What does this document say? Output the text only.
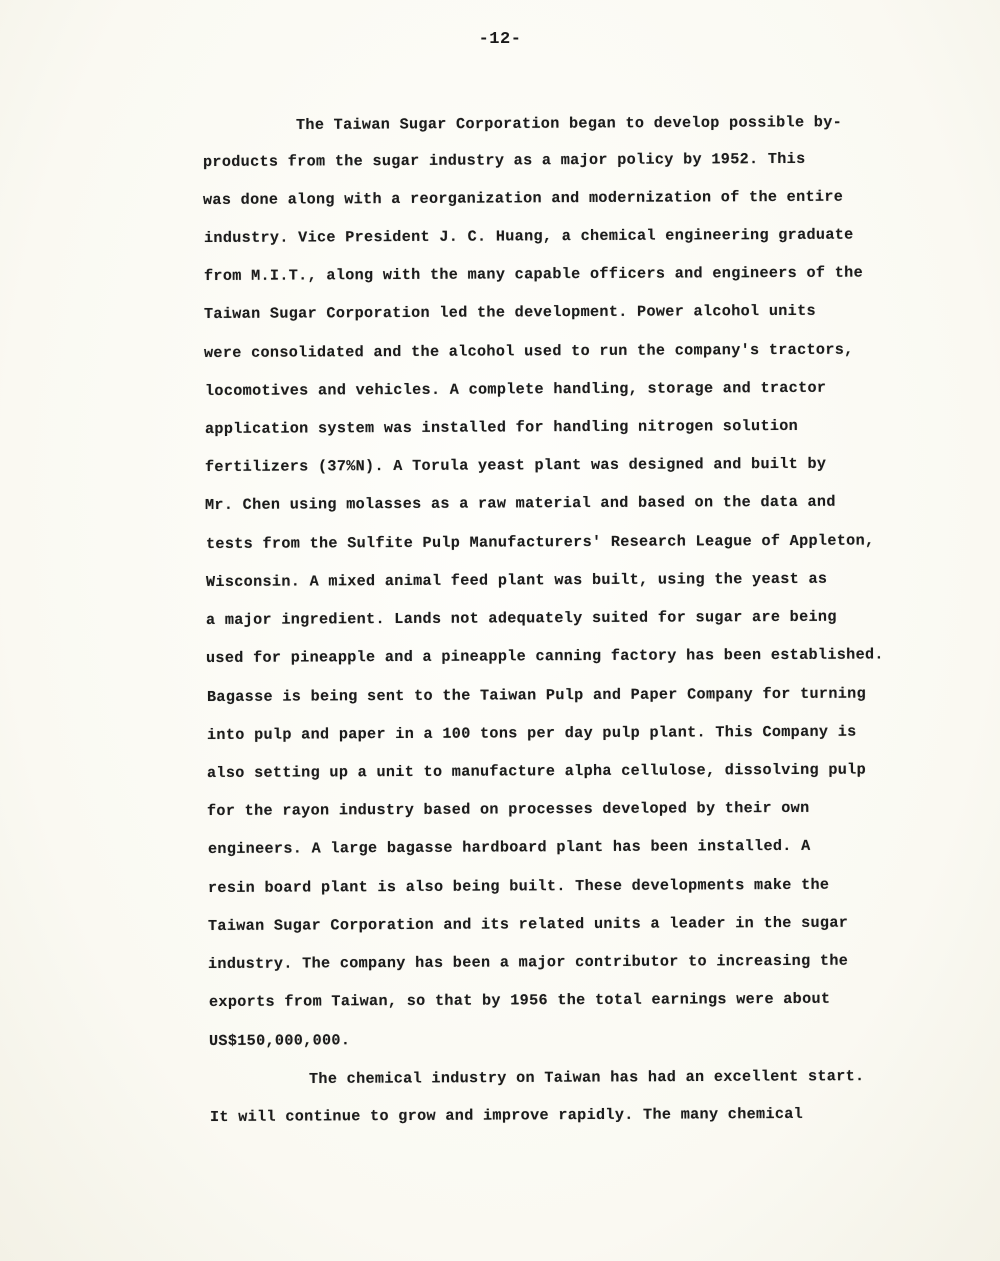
-12-
The Taiwan Sugar Corporation began to develop possible by-
products from the sugar industry as a major policy by 1952. This
was done along with a reorganization and modernization of the entire
industry. Vice President J. C. Huang, a chemical engineering graduate
from M.I.T., along with the many capable officers and engineers of the
Taiwan Sugar Corporation led the development. Power alcohol units
were consolidated and the alcohol used to run the company's tractors,
locomotives and vehicles. A complete handling, storage and tractor
application system was installed for handling nitrogen solution
fertilizers (37%N). A Torula yeast plant was designed and built by
Mr. Chen using molasses as a raw material and based on the data and
tests from the Sulfite Pulp Manufacturers' Research League of Appleton,
Wisconsin. A mixed animal feed plant was built, using the yeast as
a major ingredient. Lands not adequately suited for sugar are being
used for pineapple and a pineapple canning factory has been established.
Bagasse is being sent to the Taiwan Pulp and Paper Company for turning
into pulp and paper in a 100 tons per day pulp plant. This Company is
also setting up a unit to manufacture alpha cellulose, dissolving pulp
for the rayon industry based on processes developed by their own
engineers. A large bagasse hardboard plant has been installed. A
resin board plant is also being built. These developments make the
Taiwan Sugar Corporation and its related units a leader in the sugar
industry. The company has been a major contributor to increasing the
exports from Taiwan, so that by 1956 the total earnings were about
US$150,000,000.
The chemical industry on Taiwan has had an excellent start.
It will continue to grow and improve rapidly. The many chemical
